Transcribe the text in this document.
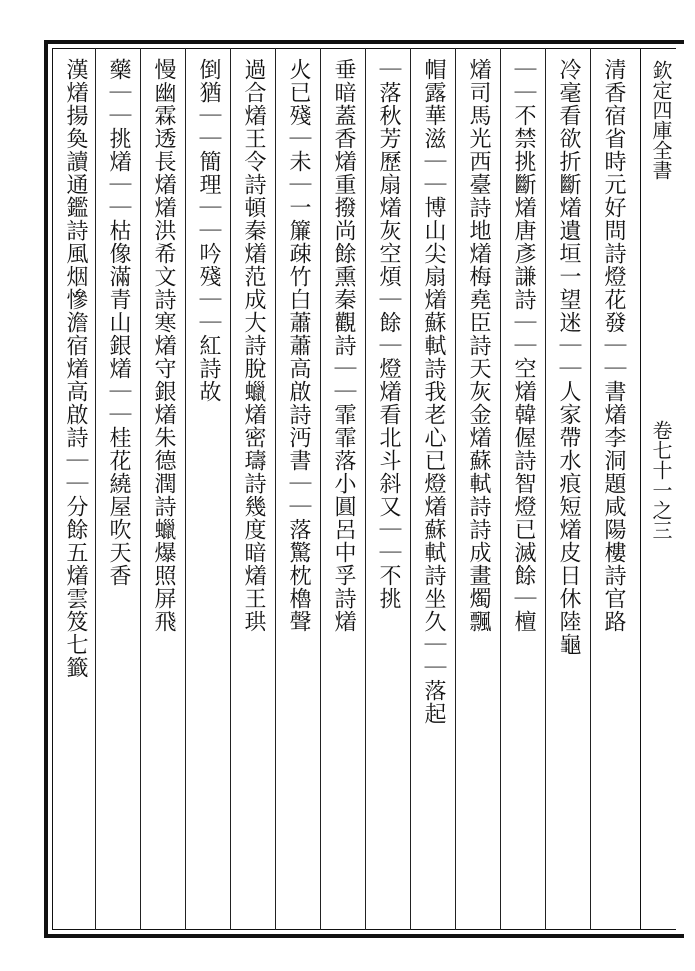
欽定四庫全書
卷七十一之三
清香宿省時元好問詩燈花發｜｜書𤏲李洞題咸陽樓詩官路
冷毫看欲折斷𤏲遺垣一望迷｜｜人家帶水痕短𤏲皮日休陸龜
｜｜不禁挑斷𤏲唐彥謙詩｜｜空𤏲韓偓詩智燈已滅餘｜檀
𤏲司馬光西臺詩地𤏲梅堯臣詩天灰金𤏲蘇軾詩詩成畫燭飄
帽露華滋｜｜博山尖扇𤏲蘇軾詩我老心已燈𤏲蘇軾詩坐久｜｜落起
｜落秋芳歷扇𤏲灰空煩｜餘｜燈𤏲看北斗斜又｜｜不挑
垂暗蓋香𤏲重撥尚餘熏秦觀詩｜｜霏霏落小圓呂中孚詩𤏲
火已殘｜未｜一簾疎竹白蕭蕭高啟詩沔書｜｜落驚枕櫓聲
過合𤏲王令詩頓秦𤏲范成大詩脫蠟𤏲密璹詩幾度暗𤏲王珙
倒猶｜｜簡理｜｜吟殘｜｜紅詩故
慢幽霖透長𤏲𤏲洪希文詩寒𤏲守銀𤏲朱德潤詩蠟爆照屏飛
藥｜｜挑𤏲｜｜枯像滿青山銀𤏲｜｜桂花繞屋吹天香
漢𤏲揚奐讀通鑑詩風烟慘澹宿𤏲高啟詩｜｜分餘五𤏲雲笈七籤
